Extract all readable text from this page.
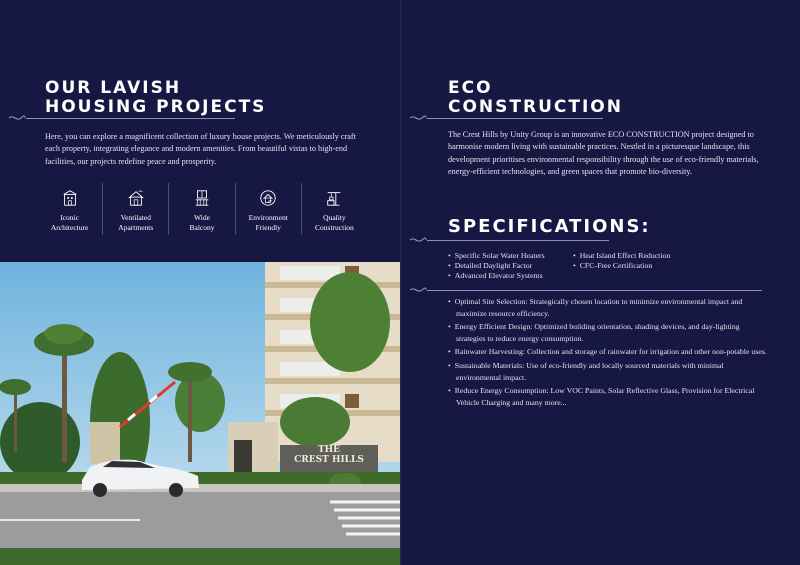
OUR LAVISH
HOUSING PROJECTS
Here, you can explore a magnificent collection of luxury house projects. We meticulously craft each property, integrating elegance and modern amenities. From beautiful vistas to high-end facilities, our projects redefine peace and prosperity.
Iconic
Architecture
Ventilated
Apartments
Wide
Balcony
Environment
Friendly
Quality
Construction
THE
CREST HILLS
ECO
CONSTRUCTION
The Crest Hills by Unity Group is an innovative ECO CONSTRUCTION project designed to harmonise modern living with sustainable practices. Nestled in a picturesque landscape, this development prioritises environmental responsibility through the use of eco-friendly materials, energy-efficient technologies, and green spaces that promote bio-diversity.
SPECIFICATIONS:
• Specific Solar Water Heaters
• Detailed Daylight Factor
• Advanced Elevator Systems
• Heat Island Effect Reduction
• CFC-Free Certification
• Optimal Site Selection: Strategically chosen location to minimize environmental impact and maximize resource efficiency.
• Energy Efficient Design: Optimized building orientation, shading devices, and day-lighting strategies to reduce energy consumption.
• Rainwater Harvesting: Collection and storage of rainwater for irrigation and other non-potable uses.
• Sustainable Materials: Use of eco-friendly and locally sourced materials with minimal environmental impact.
• Reduce Energy Consumption: Low VOC Paints, Solar Reflective Glass, Provision for Electrical Vehicle Charging and many more...
